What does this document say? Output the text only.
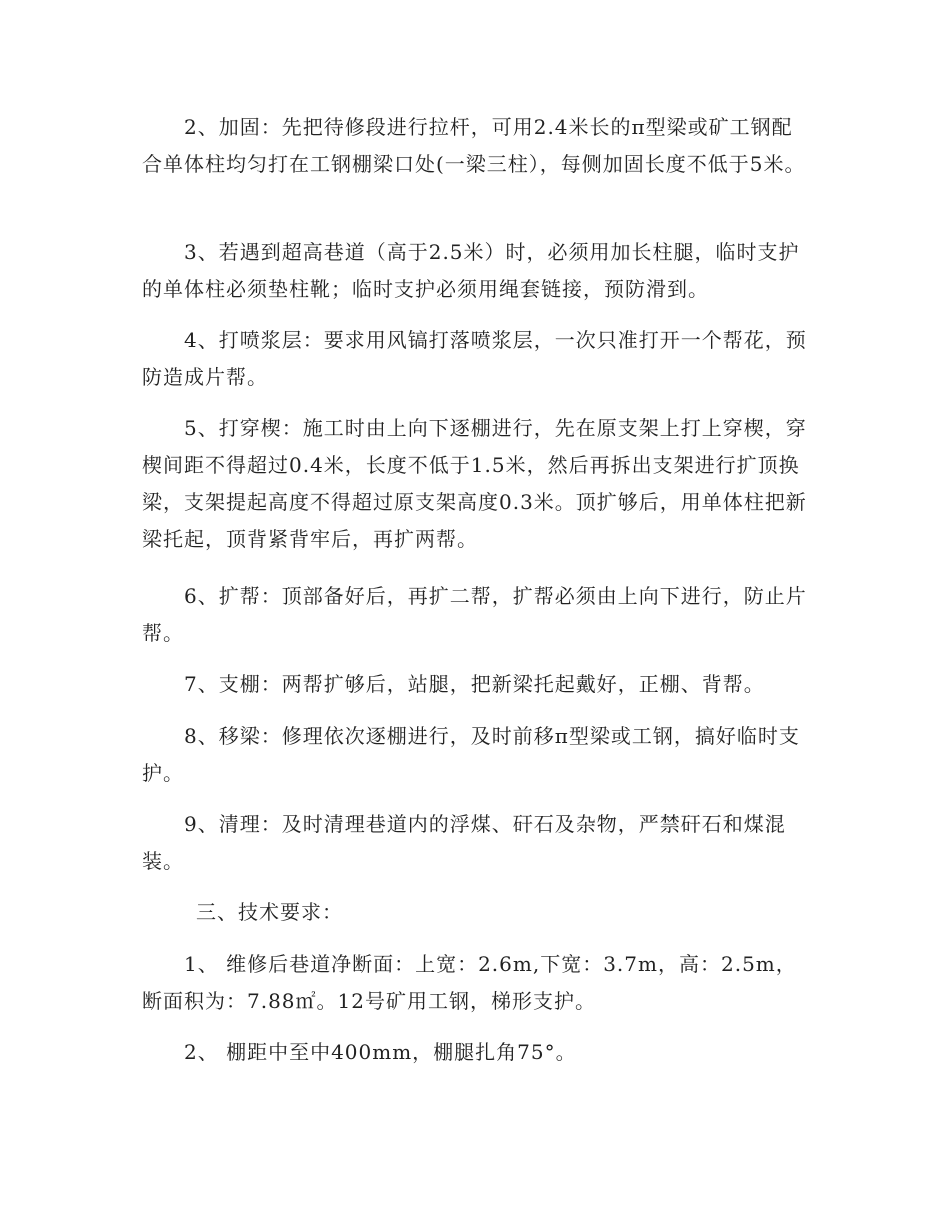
2、加固：先把待修段进行拉杆，可用2.4米长的π型梁或矿工钢配合单体柱均匀打在工钢棚梁口处(一梁三柱），每侧加固长度不低于5米。

3、若遇到超高巷道（高于2.5米）时，必须用加长柱腿，临时支护的单体柱必须垫柱靴；临时支护必须用绳套链接，预防滑到。

4、打喷浆层：要求用风镐打落喷浆层，一次只准打开一个帮花，预防造成片帮。

5、打穿楔：施工时由上向下逐棚进行，先在原支架上打上穿楔，穿楔间距不得超过0.4米，长度不低于1.5米，然后再拆出支架进行扩顶换梁，支架提起高度不得超过原支架高度0.3米。顶扩够后，用单体柱把新梁托起，顶背紧背牢后，再扩两帮。

6、扩帮：顶部备好后，再扩二帮，扩帮必须由上向下进行，防止片帮。

7、支棚：两帮扩够后，站腿，把新梁托起戴好，正棚、背帮。

8、移梁：修理依次逐棚进行，及时前移π型梁或工钢，搞好临时支护。

9、清理：及时清理巷道内的浮煤、矸石及杂物，严禁矸石和煤混装。

三、技术要求：

1、 维修后巷道净断面：上宽：2.6m,下宽：3.7m，高：2.5m，断面积为：7.88㎡。12号矿用工钢，梯形支护。

2、 棚距中至中400mm，棚腿扎角75°。
